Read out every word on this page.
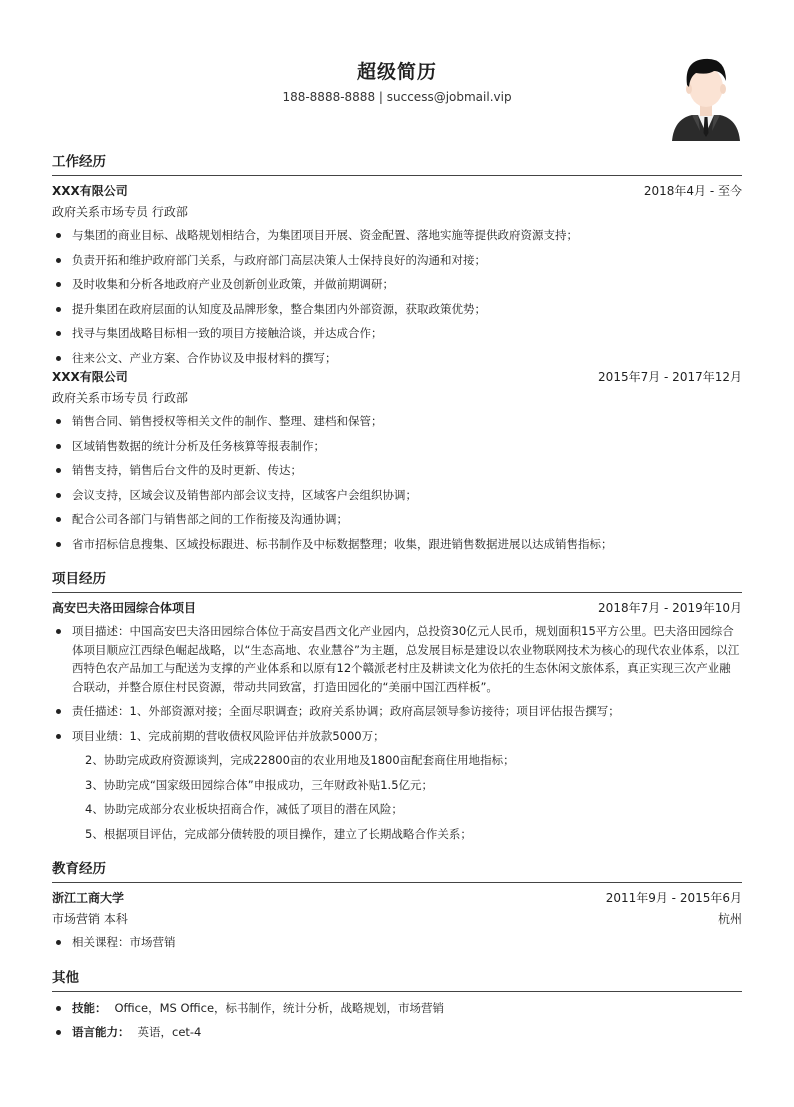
超级简历
188-8888-8888 | success@jobmail.vip
工作经历
XXX有限公司	2018年4月 - 至今
政府关系市场专员 行政部
与集团的商业目标、战略规划相结合，为集团项目开展、资金配置、落地实施等提供政府资源支持；
负责开拓和维护政府部门关系，与政府部门高层决策人士保持良好的沟通和对接；
及时收集和分析各地政府产业及创新创业政策，并做前期调研；
提升集团在政府层面的认知度及品牌形象，整合集团内外部资源，获取政策优势；
找寻与集团战略目标相一致的项目方接触洽谈，并达成合作；
往来公文、产业方案、合作协议及申报材料的撰写；
XXX有限公司	2015年7月 - 2017年12月
政府关系市场专员 行政部
销售合同、销售授权等相关文件的制作、整理、建档和保管；
区域销售数据的统计分析及任务核算等报表制作；
销售支持，销售后台文件的及时更新、传达；
会议支持，区域会议及销售部内部会议支持，区域客户会组织协调；
配合公司各部门与销售部之间的工作衔接及沟通协调；
省市招标信息搜集、区域投标跟进、标书制作及中标数据整理；收集，跟进销售数据进展以达成销售指标；
项目经历
高安巴夫洛田园综合体项目	2018年7月 - 2019年10月
项目描述：中国高安巴夫洛田园综合体位于高安昌西文化产业园内，总投资30亿元人民币，规划面积15平方公里。巴夫洛田园综合体项目顺应江西绿色崛起战略，以“生态高地、农业慧谷”为主题，总发展目标是建设以农业物联网技术为核心的现代农业体系，以江西特色农产品加工与配送为支撑的产业体系和以原有12个赣派老村庄及耕读文化为依托的生态休闲文旅体系，真正实现三次产业融合联动，并整合原住村民资源，带动共同致富，打造田园化的“美丽中国江西样板”。
责任描述：1、外部资源对接；全面尽职调查；政府关系协调；政府高层领导参访接待；项目评估报告撰写；
项目业绩：1、完成前期的营收债权风险评估并放款5000万；
2、协助完成政府资源谈判，完成22800亩的农业用地及1800亩配套商住用地指标；
3、协助完成“国家级田园综合体”申报成功，三年财政补贴1.5亿元；
4、协助完成部分农业板块招商合作，减低了项目的潜在风险；
5、根据项目评估，完成部分债转股的项目操作，建立了长期战略合作关系；
教育经历
浙江工商大学	2011年9月 - 2015年6月
市场营销 本科	杭州
相关课程：市场营销
其他
技能： Office，MS Office，标书制作，统计分析，战略规划，市场营销
语言能力： 英语，cet-4
